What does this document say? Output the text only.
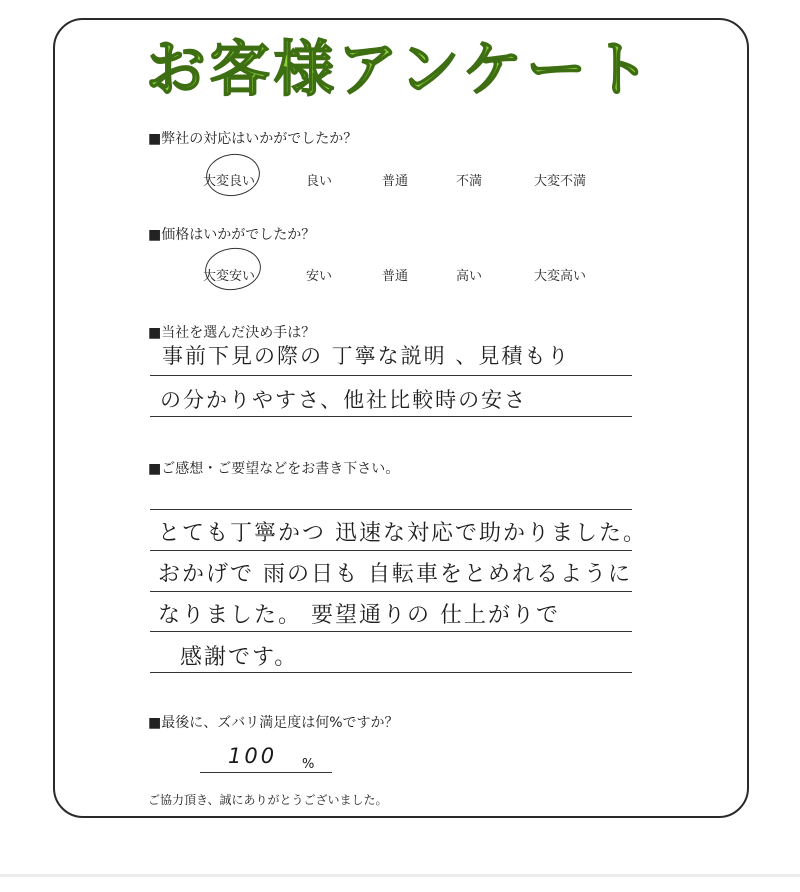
お客様アンケート
■弊社の対応はいかがでしたか？
大変良い	良い	普通	不満	大変不満
■価格はいかがでしたか？
大変安い	安い	普通	高い	大変高い
■当社を選んだ決め手は？
事前下見の際の 丁寧な説明 、見積もり
の分かりやすさ、他社比較時の安さ
■ご感想・ご要望などをお書き下さい。
とても丁寧かつ 迅速な対応で助かりました。
おかげで 雨の日も 自転車をとめれるように
なりました。 要望通りの 仕上がりで
感謝です。
■最後に、ズバリ満足度は何%ですか？
100 %
ご協力頂き、誠にありがとうございました。
